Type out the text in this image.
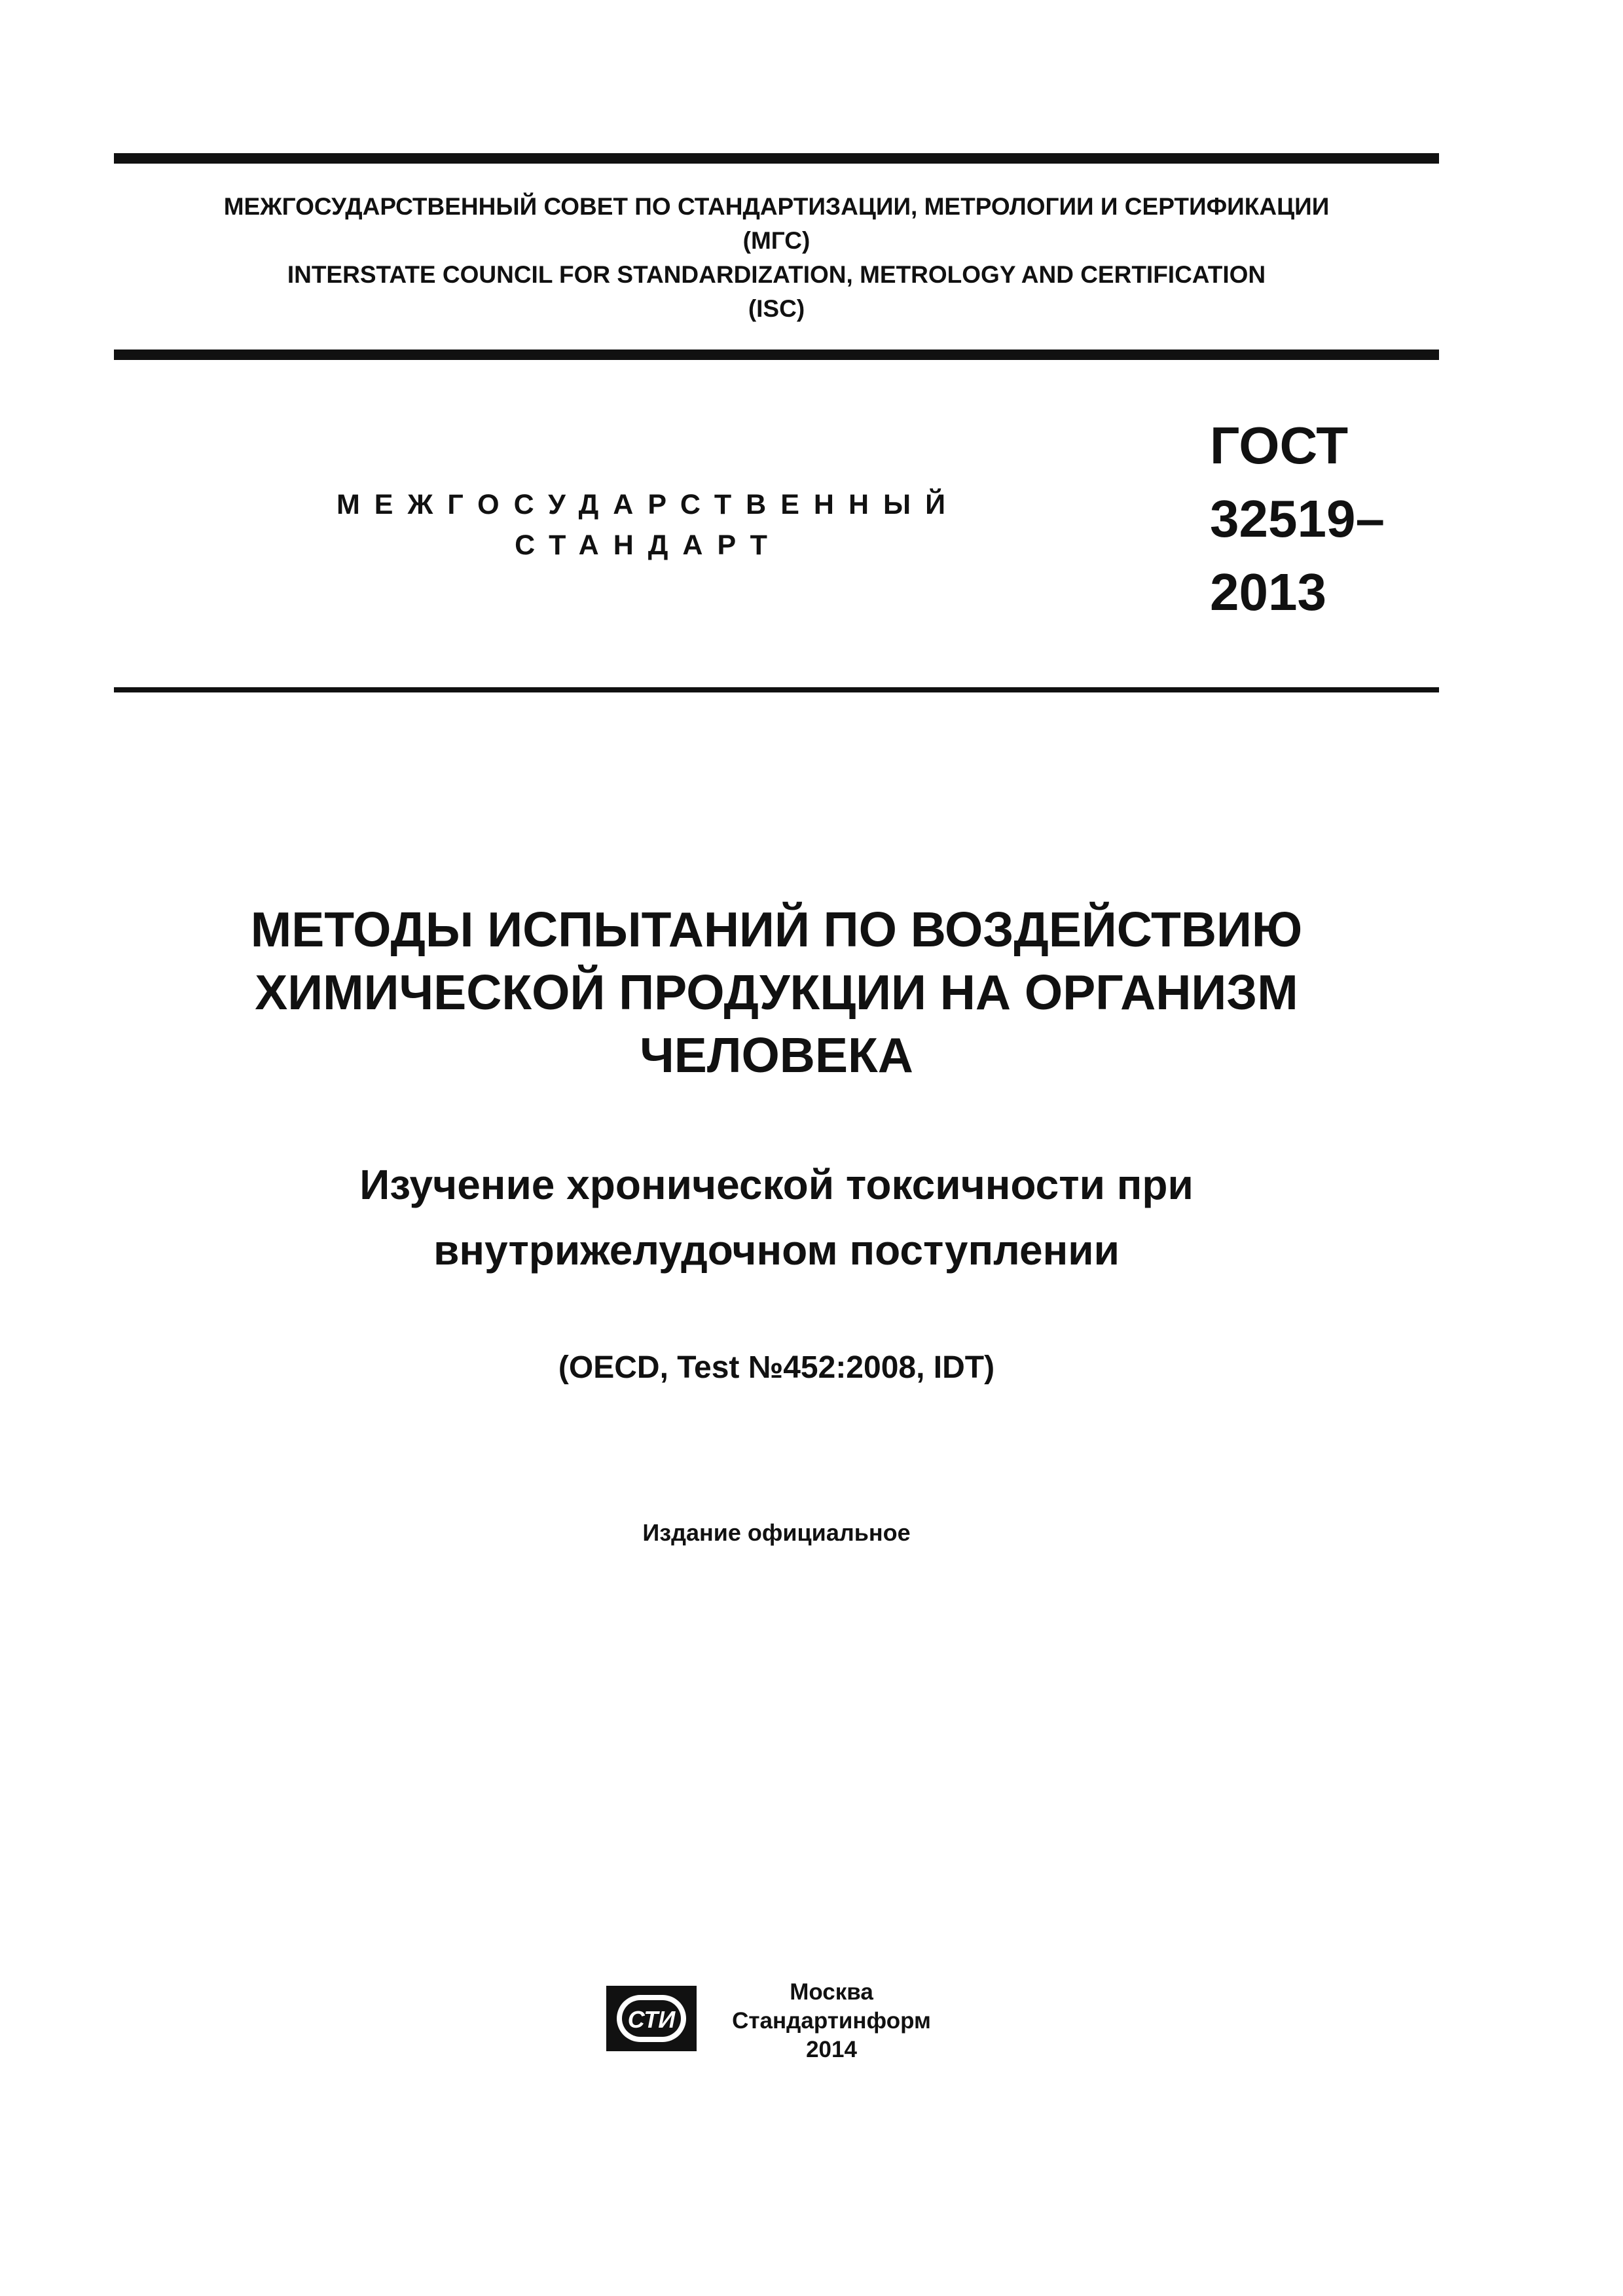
МЕЖГОСУДАРСТВЕННЫЙ СОВЕТ ПО СТАНДАРТИЗАЦИИ, МЕТРОЛОГИИ И СЕРТИФИКАЦИИ
(МГС)
INTERSTATE COUNCIL FOR STANDARDIZATION, METROLOGY AND CERTIFICATION
(ISC)
МЕЖГОСУДАРСТВЕННЫЙ
СТАНДАРТ
ГОСТ
32519–
2013
МЕТОДЫ ИСПЫТАНИЙ ПО ВОЗДЕЙСТВИЮ
ХИМИЧЕСКОЙ ПРОДУКЦИИ НА ОРГАНИЗМ
ЧЕЛОВЕКА
Изучение хронической токсичности при
внутрижелудочном поступлении
(OECD, Test №452:2008, IDT)
Издание официальное
СТИ
Москва
Стандартинформ
2014
